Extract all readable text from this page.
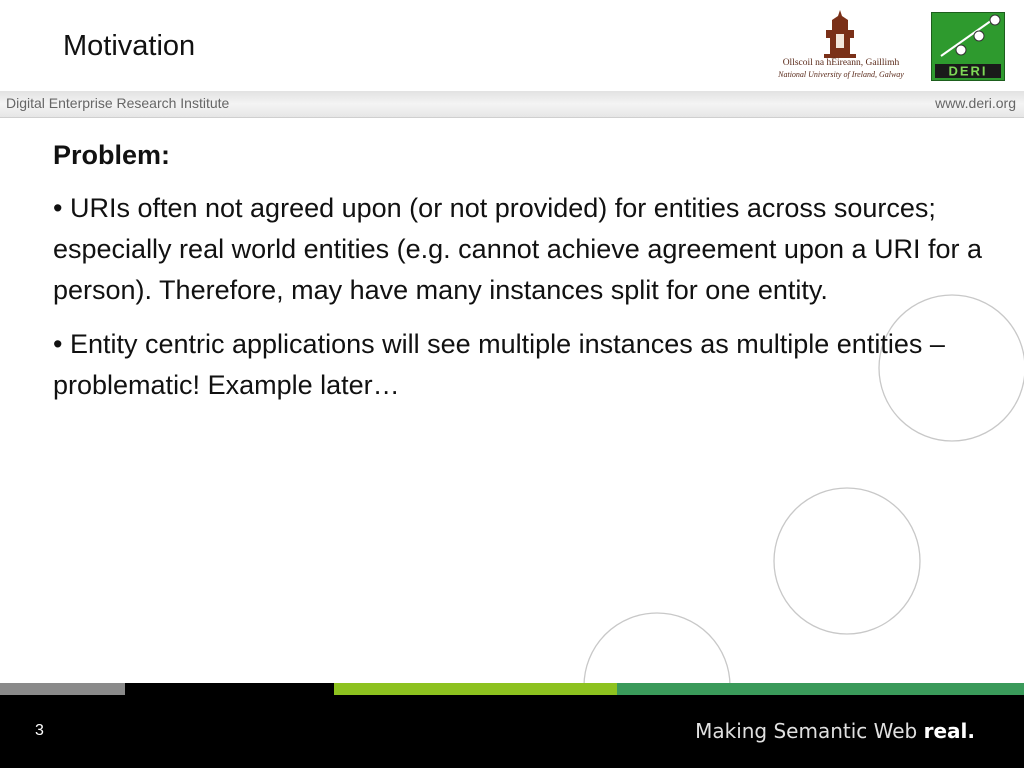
Motivation
Ollscoil na hÉireann, Gaillimh
National University of Ireland, Galway	DERI
Digital Enterprise Research Institute	www.deri.org

Problem:

• URIs often not agreed upon (or not provided) for entities across sources; especially real world entities (e.g. cannot achieve agreement upon a URI for a person). Therefore, may have many instances split for one entity.

• Entity centric applications will see multiple instances as multiple entities – problematic! Example later…

3	Making Semantic Web real.
